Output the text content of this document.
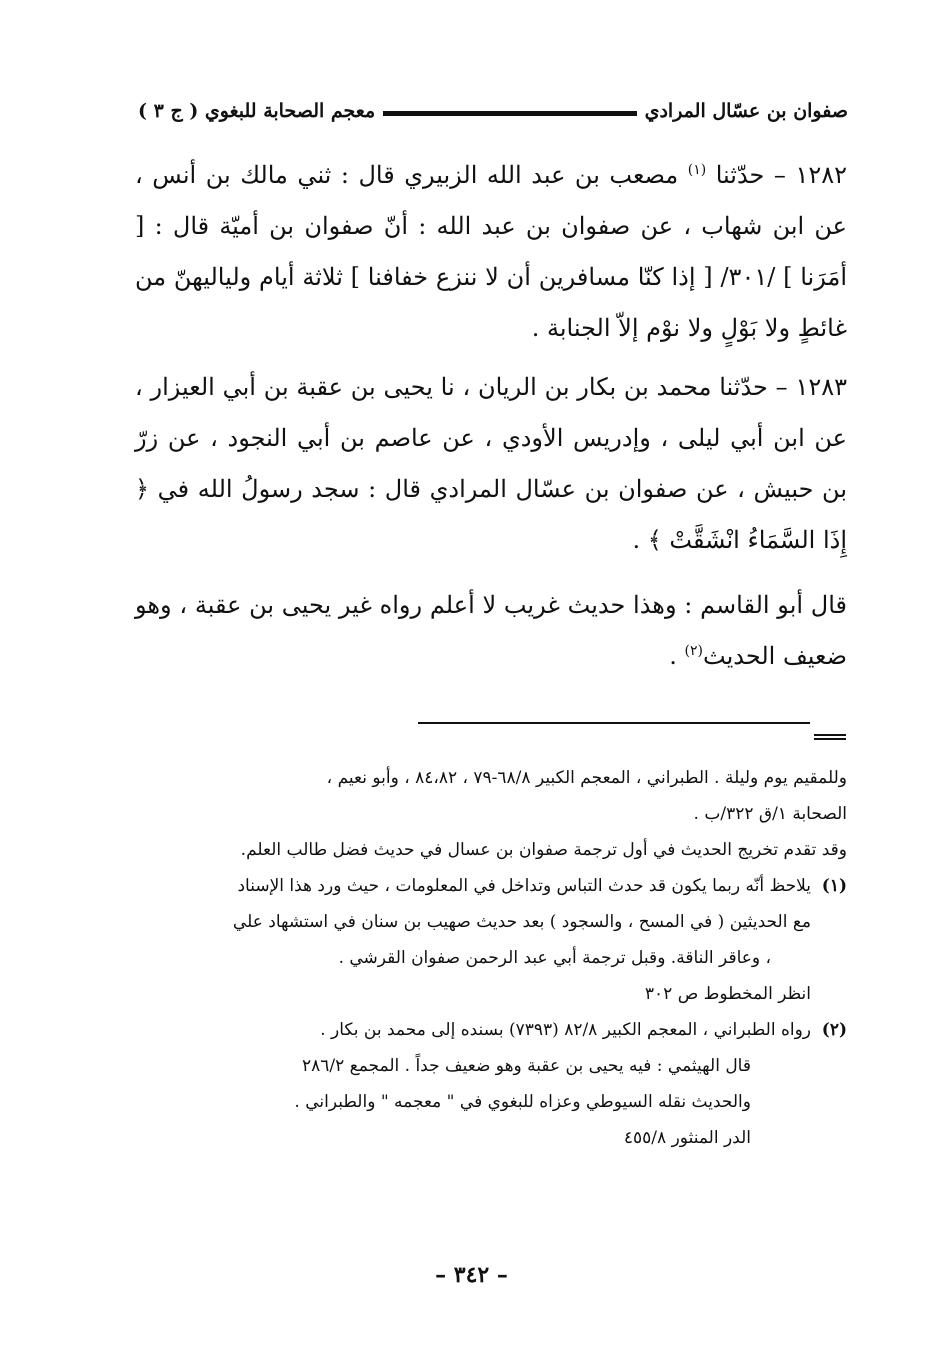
صفوان بن عسّال المرادي
معجم الصحابة للبغوي ( ج ٣ )

١٢٨٢ – حدّثنا $^{(١)}$ مصعب بن عبد الله الزبيري قال : ثني مالك بن أنس ، عن ابن شهاب ، عن صفوان بن عبد الله : أنّ صفوان بن أميّة قال : [ أمَرَنا ] /٣٠١/ [ إذا كنّا مسافرين أن لا ننزع خفافنا ] ثلاثة أيام ولياليهنّ من غائطٍ ولا بَوْلٍ ولا نوْم إلاّ الجنابة .

١٢٨٣ – حدّثنا محمد بن بكار بن الريان ، نا يحيى بن عقبة بن أبي العيزار ، عن ابن أبي ليلى ، وإدريس الأودي ، عن عاصم بن أبي النجود ، عن زرّ بن حبيش ، عن صفوان بن عسّال المرادي قال : سجد رسولُ الله في ﴿ إِذَا السَّمَاءُ انْشَقَّتْ ﴾ .

قال أبو القاسم : وهذا حديث غريب لا أعلم رواه غير يحيى بن عقبة ، وهو ضعيف الحديث$^{(٢)}$ .

وللمقيم يوم وليلة . الطبراني ، المعجم الكبير ٦٨/٨-٧٩ ، ٨٤،٨٢ ، وأبو نعيم ،

الصحابة ١/ق ٣٢٢/ب .

وقد تقدم تخريج الحديث في أول ترجمة صفوان بن عسال في حديث فضل طالب العلم.

(١)

يلاحظ أنّه ربما يكون قد حدث التباس وتداخل في المعلومات ، حيث ورد هذا الإسناد

مع الحديثين ( في المسح ، والسجود ) بعد حديث صهيب بن سنان في استشهاد علي

، وعاقر الناقة. وقبل ترجمة أبي عبد الرحمن صفوان القرشي .

انظر المخطوط ص ٣٠٢

(٢)

رواه الطبراني ، المعجم الكبير ٨٢/٨ (٧٣٩٣) بسنده إلى محمد بن بكار .

قال الهيثمي : فيه يحيى بن عقبة وهو ضعيف جداً . المجمع ٢٨٦/٢

والحديث نقله السيوطي وعزاه للبغوي في " معجمه " والطبراني .

الدر المنثور ٤٥٥/٨

– ٣٤٢ –
